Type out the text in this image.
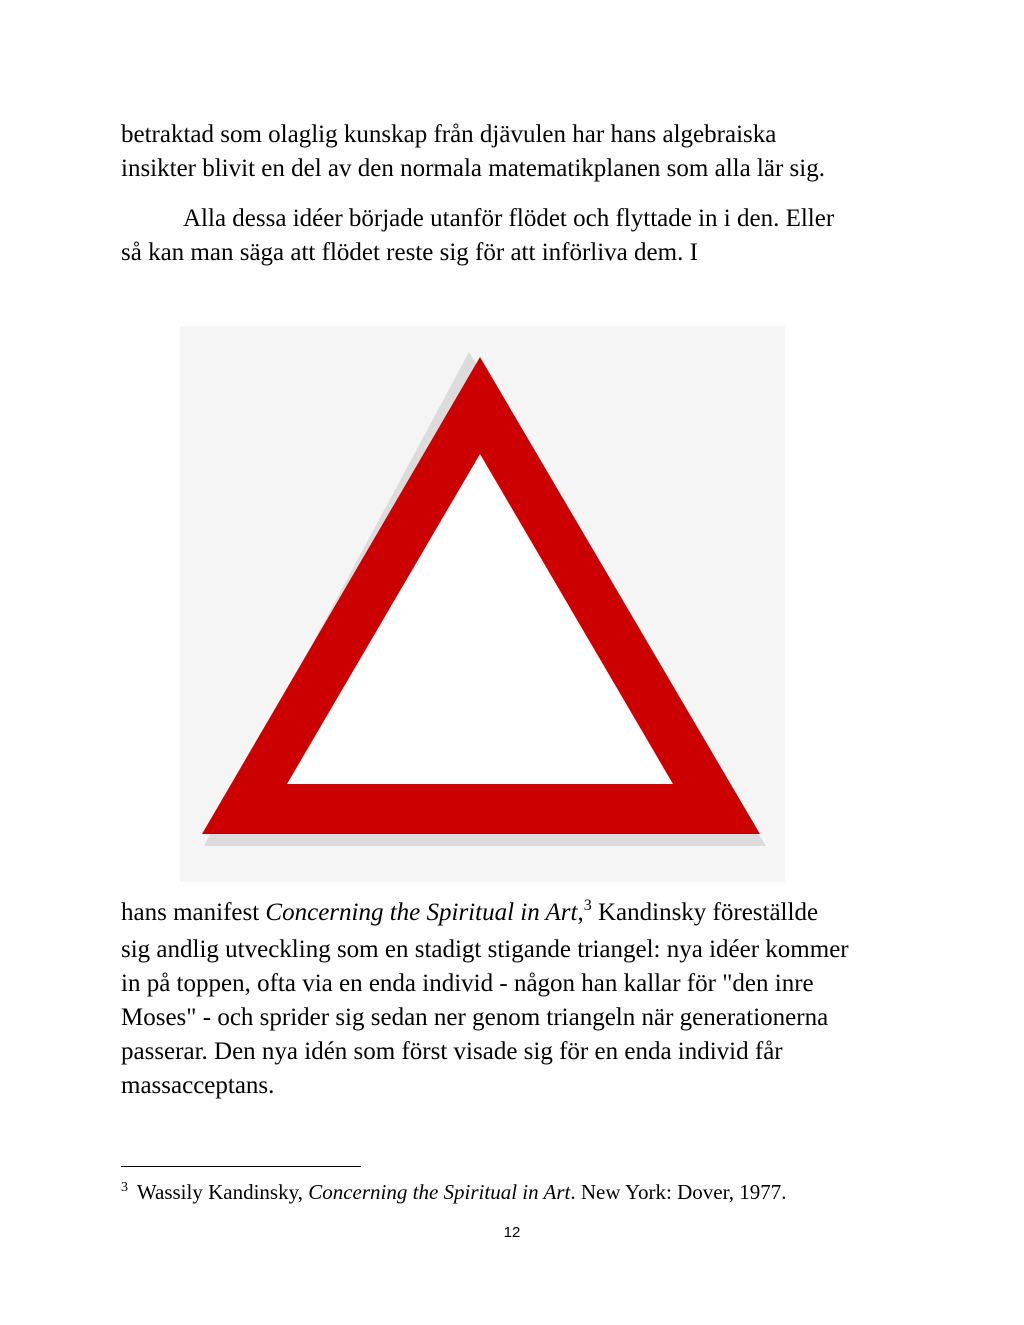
betraktad som olaglig kunskap från djävulen har hans algebraiska
insikter blivit en del av den normala matematikplanen som alla lär sig.
Alla dessa idéer började utanför flödet och flyttade in i den. Eller
så kan man säga att flödet reste sig för att införliva dem. I
hans manifest Concerning the Spiritual in Art,$^3$ Kandinsky föreställde
sig andlig utveckling som en stadigt stigande triangel: nya idéer kommer
in på toppen, ofta via en enda individ - någon han kallar för "den inre
Moses" - och sprider sig sedan ner genom triangeln när generationerna
passerar. Den nya idén som först visade sig för en enda individ får
massacceptans.
$^3$ Wassily Kandinsky, Concerning the Spiritual in Art. New York: Dover, 1977.
12
